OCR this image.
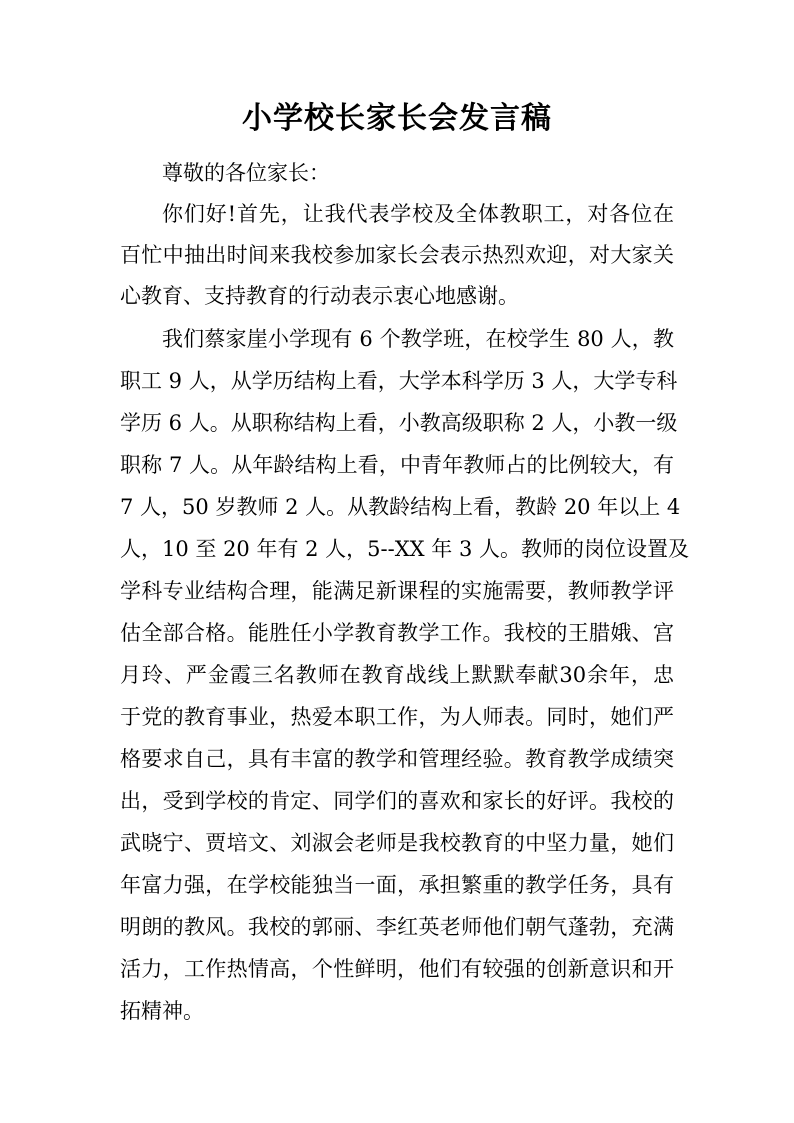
小学校长家长会发言稿

尊敬的各位家长：

你们好!首先，让我代表学校及全体教职工，对各位在

百忙中抽出时间来我校参加家长会表示热烈欢迎，对大家关

心教育、支持教育的行动表示衷心地感谢。

我们蔡家崖小学现有 6 个教学班，在校学生 80 人，教

职工 9 人，从学历结构上看，大学本科学历 3 人，大学专科

学历 6 人。从职称结构上看，小教高级职称 2 人，小教一级

职称 7 人。从年龄结构上看，中青年教师占的比例较大，有

7 人，50 岁教师 2 人。从教龄结构上看，教龄 20 年以上 4

人，10 至 20 年有 2 人，5--XX 年 3 人。教师的岗位设置及

学科专业结构合理，能满足新课程的实施需要，教师教学评

估全部合格。能胜任小学教育教学工作。我校的王腊娥、宫

月玲、严金霞三名教师在教育战线上默默奉献30余年，忠

于党的教育事业，热爱本职工作，为人师表。同时，她们严

格要求自己，具有丰富的教学和管理经验。教育教学成绩突

出，受到学校的肯定、同学们的喜欢和家长的好评。我校的

武晓宁、贾培文、刘淑会老师是我校教育的中坚力量，她们

年富力强，在学校能独当一面，承担繁重的教学任务，具有

明朗的教风。我校的郭丽、李红英老师他们朝气蓬勃，充满

活力，工作热情高，个性鲜明，他们有较强的创新意识和开

拓精神。
